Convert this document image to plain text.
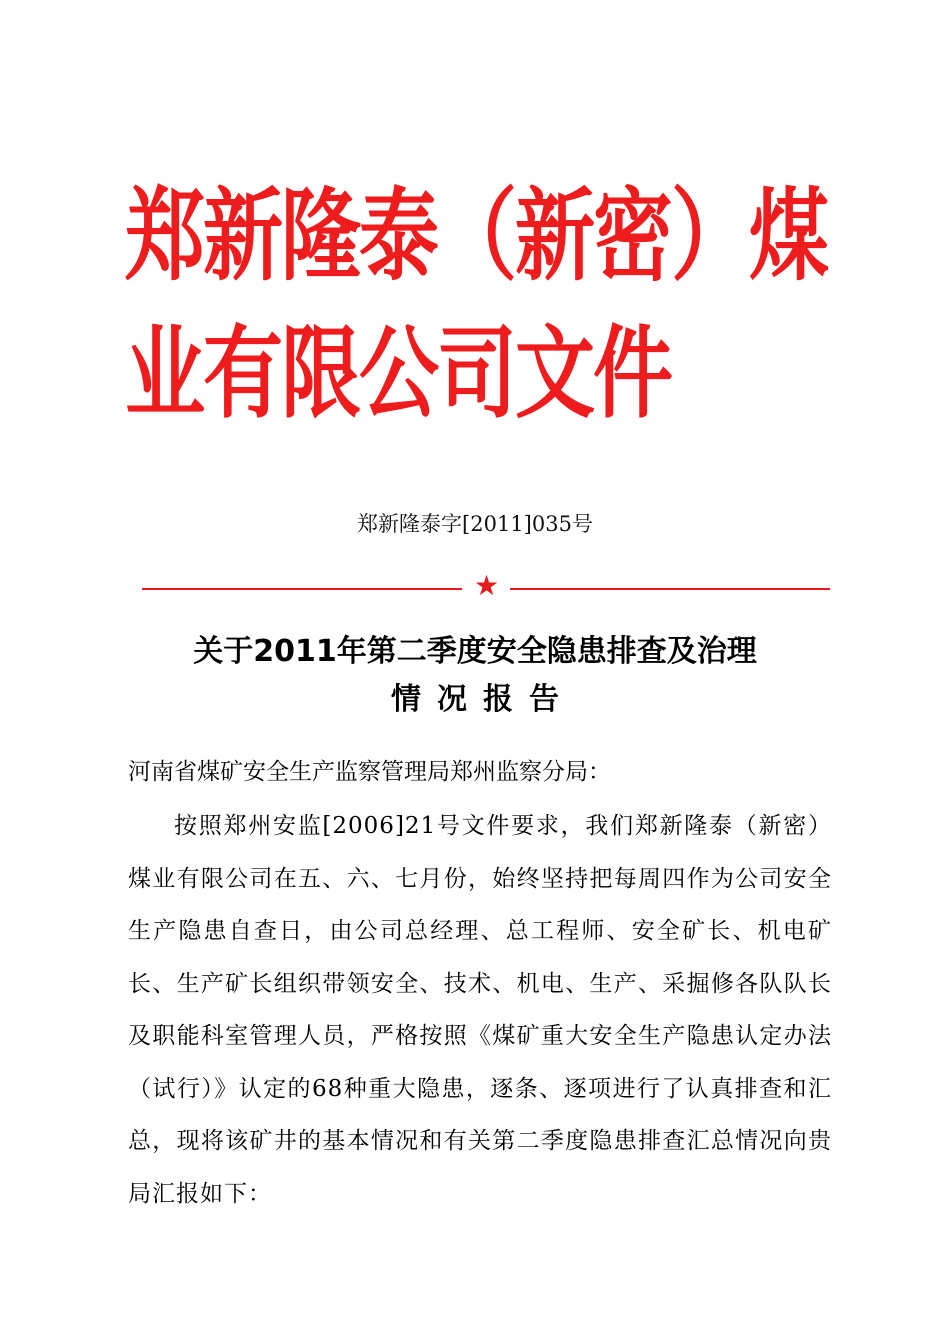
郑新隆泰（新密）煤业有限公司文件
郑新隆泰字[2011]035号
★
关于2011年第二季度安全隐患排查及治理
情况报告

河南省煤矿安全生产监察管理局郑州监察分局：

按照郑州安监[2006]21号文件要求，我们郑新隆泰（新密）煤业有限公司在五、六、七月份，始终坚持把每周四作为公司安全生产隐患自查日，由公司总经理、总工程师、安全矿长、机电矿长、生产矿长组织带领安全、技术、机电、生产、采掘修各队队长及职能科室管理人员，严格按照《煤矿重大安全生产隐患认定办法（试行）》认定的68种重大隐患，逐条、逐项进行了认真排查和汇总，现将该矿井的基本情况和有关第二季度隐患排查汇总情况向贵局汇报如下：
